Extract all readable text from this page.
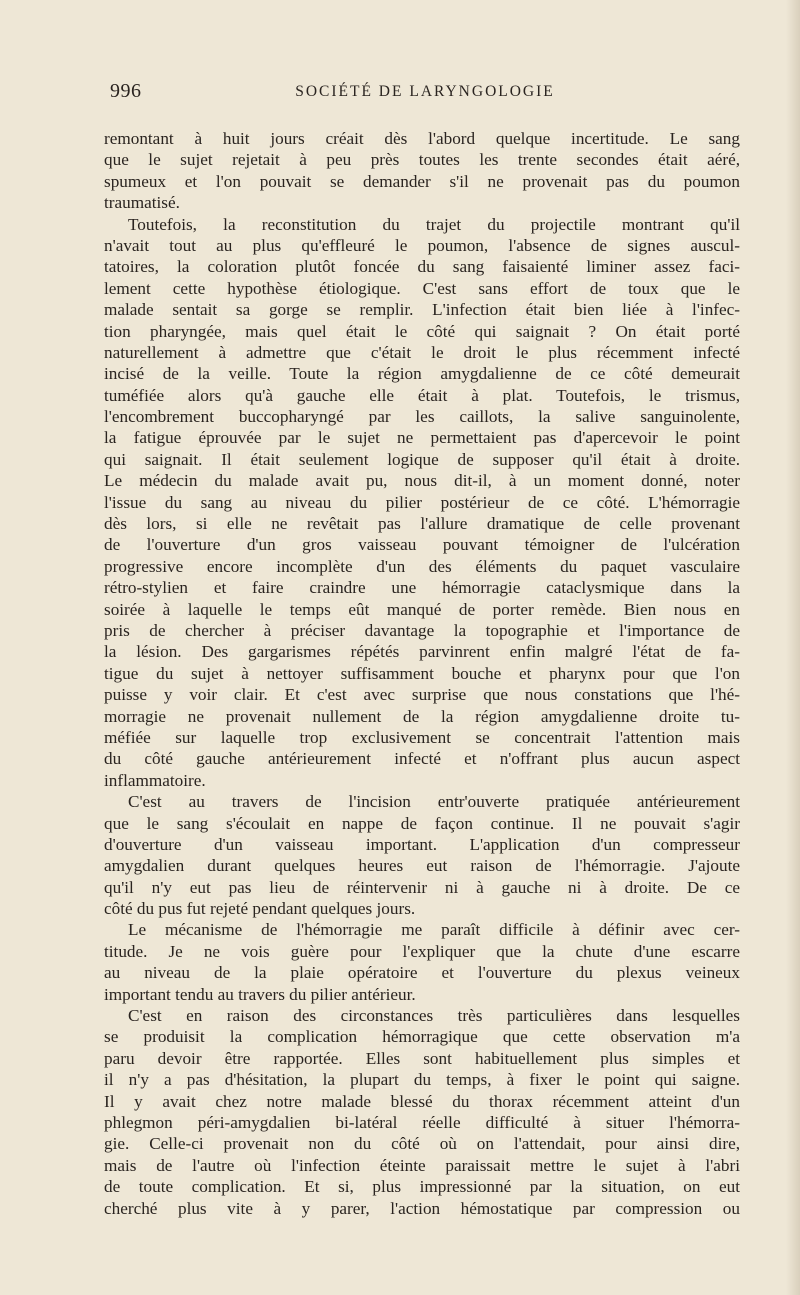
996	SOCIÉTÉ DE LARYNGOLOGIE
remontant à huit jours créait dès l'abord quelque incertitude. Le sang
que le sujet rejetait à peu près toutes les trente secondes était aéré,
spumeux et l'on pouvait se demander s'il ne provenait pas du poumon
traumatisé.
Toutefois, la reconstitution du trajet du projectile montrant qu'il
n'avait tout au plus qu'effleuré le poumon, l'absence de signes auscul-
tatoires, la coloration plutôt foncée du sang faisaienté liminer assez faci-
lement cette hypothèse étiologique. C'est sans effort de toux que le
malade sentait sa gorge se remplir. L'infection était bien liée à l'infec-
tion pharyngée, mais quel était le côté qui saignait ? On était porté
naturellement à admettre que c'était le droit le plus récemment infecté
incisé de la veille. Toute la région amygdalienne de ce côté demeurait
tuméfiée alors qu'à gauche elle était à plat. Toutefois, le trismus,
l'encombrement buccopharyngé par les caillots, la salive sanguinolente,
la fatigue éprouvée par le sujet ne permettaient pas d'apercevoir le point
qui saignait. Il était seulement logique de supposer qu'il était à droite.
Le médecin du malade avait pu, nous dit-il, à un moment donné, noter
l'issue du sang au niveau du pilier postérieur de ce côté. L'hémorragie
dès lors, si elle ne revêtait pas l'allure dramatique de celle provenant
de l'ouverture d'un gros vaisseau pouvant témoigner de l'ulcération
progressive encore incomplète d'un des éléments du paquet vasculaire
rétro-stylien et faire craindre une hémorragie cataclysmique dans la
soirée à laquelle le temps eût manqué de porter remède. Bien nous en
pris de chercher à préciser davantage la topographie et l'importance de
la lésion. Des gargarismes répétés parvinrent enfin malgré l'état de fa-
tigue du sujet à nettoyer suffisamment bouche et pharynx pour que l'on
puisse y voir clair. Et c'est avec surprise que nous constations que l'hé-
morragie ne provenait nullement de la région amygdalienne droite tu-
méfiée sur laquelle trop exclusivement se concentrait l'attention mais
du côté gauche antérieurement infecté et n'offrant plus aucun aspect
inflammatoire.
C'est au travers de l'incision entr'ouverte pratiquée antérieurement
que le sang s'écoulait en nappe de façon continue. Il ne pouvait s'agir
d'ouverture d'un vaisseau important. L'application d'un compresseur
amygdalien durant quelques heures eut raison de l'hémorragie. J'ajoute
qu'il n'y eut pas lieu de réintervenir ni à gauche ni à droite. De ce
côté du pus fut rejeté pendant quelques jours.
Le mécanisme de l'hémorragie me paraît difficile à définir avec cer-
titude. Je ne vois guère pour l'expliquer que la chute d'une escarre
au niveau de la plaie opératoire et l'ouverture du plexus veineux
important tendu au travers du pilier antérieur.
C'est en raison des circonstances très particulières dans lesquelles
se produisit la complication hémorragique que cette observation m'a
paru devoir être rapportée. Elles sont habituellement plus simples et
il n'y a pas d'hésitation, la plupart du temps, à fixer le point qui saigne.
Il y avait chez notre malade blessé du thorax récemment atteint d'un
phlegmon péri-amygdalien bi-latéral réelle difficulté à situer l'hémorra-
gie. Celle-ci provenait non du côté où on l'attendait, pour ainsi dire,
mais de l'autre où l'infection éteinte paraissait mettre le sujet à l'abri
de toute complication. Et si, plus impressionné par la situation, on eut
cherché plus vite à y parer, l'action hémostatique par compression ou
